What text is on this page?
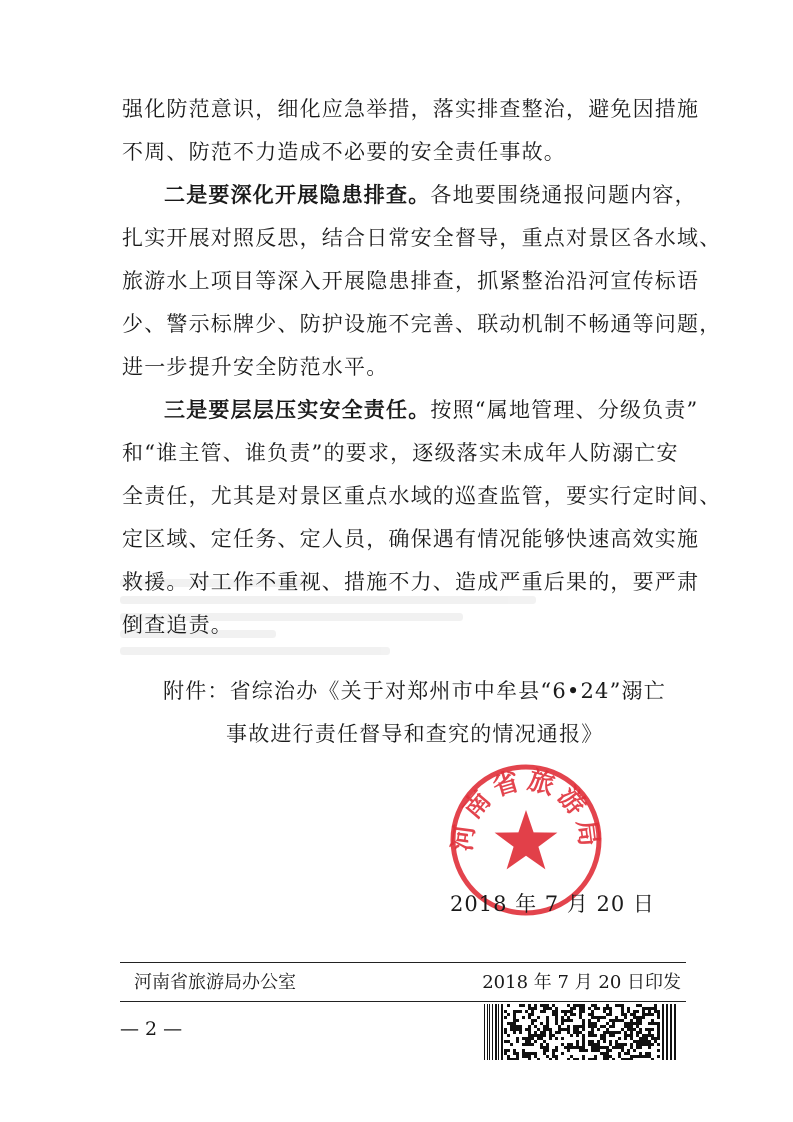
强化防范意识，细化应急举措，落实排查整治，避免因措施
不周、防范不力造成不必要的安全责任事故。
二是要深化开展隐患排查。各地要围绕通报问题内容，
扎实开展对照反思，结合日常安全督导，重点对景区各水域、
旅游水上项目等深入开展隐患排查，抓紧整治沿河宣传标语
少、警示标牌少、防护设施不完善、联动机制不畅通等问题，
进一步提升安全防范水平。
三是要层层压实安全责任。按照“属地管理、分级负责”
和“谁主管、谁负责”的要求，逐级落实未成年人防溺亡安
全责任，尤其是对景区重点水域的巡查监管，要实行定时间、
定区域、定任务、定人员，确保遇有情况能够快速高效实施
救援。对工作不重视、措施不力、造成严重后果的，要严肃
倒查追责。
附件：省综治办《关于对郑州市中牟县“6•24”溺亡
事故进行责任督导和查究的情况通报》
河南省旅游局
2018 年 7 月 20 日
河南省旅游局办公室	2018 年 7 月 20 日印发
— 2 —
